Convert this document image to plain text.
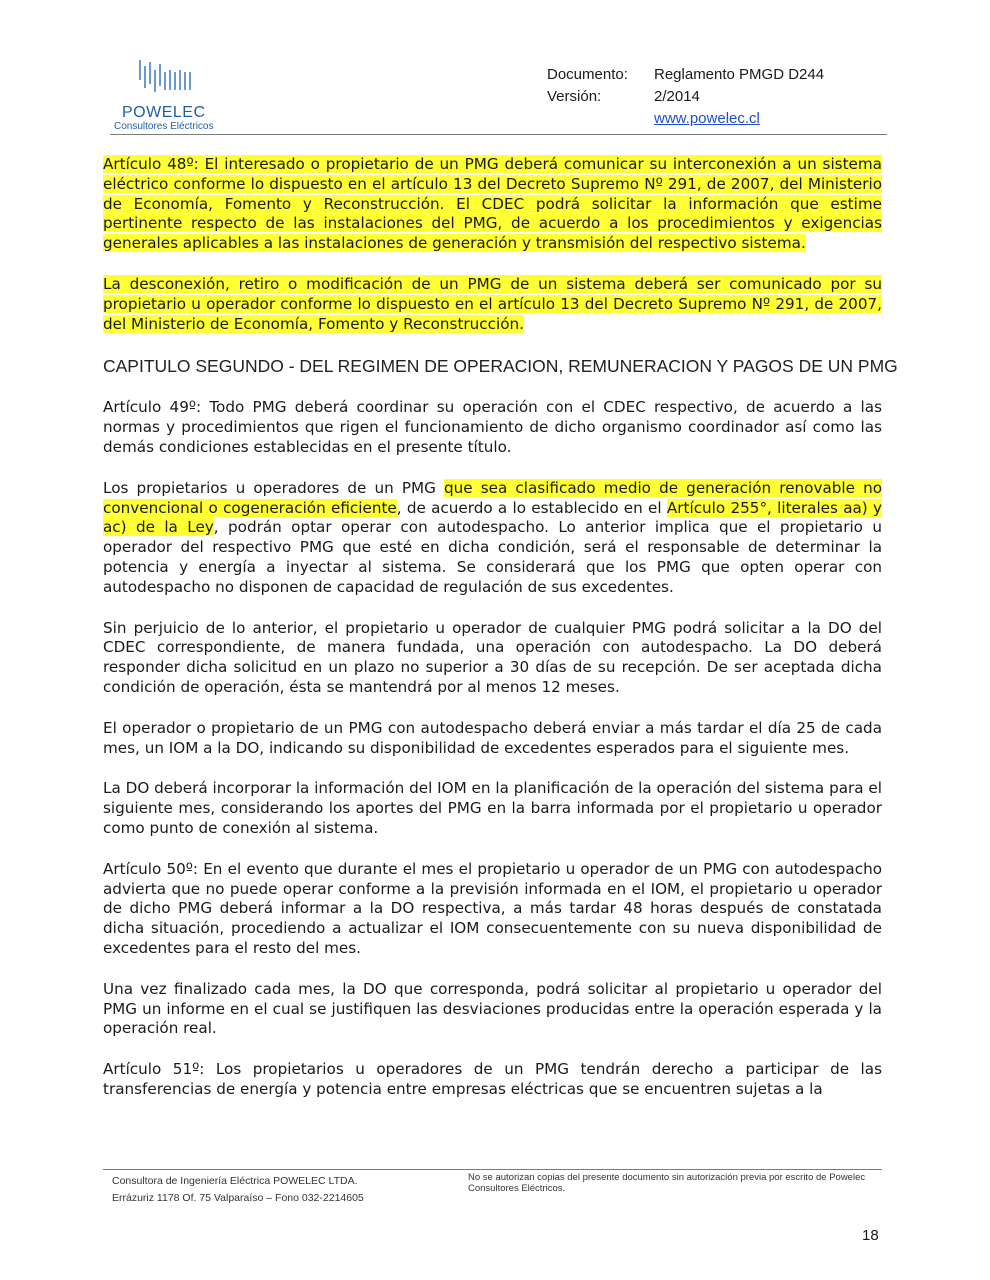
POWELEC
Consultores Eléctricos
Documento: Reglamento PMGD D244
Versión:	2/2014
www.powelec.cl

Artículo 48º: El interesado o propietario de un PMG deberá comunicar su interconexión a un sistema eléctrico conforme lo dispuesto en el artículo 13 del Decreto Supremo Nº 291, de 2007, del Ministerio de Economía, Fomento y Reconstrucción. El CDEC podrá solicitar la información que estime pertinente respecto de las instalaciones del PMG, de acuerdo a los procedimientos y exigencias generales aplicables a las instalaciones de generación y transmisión del respectivo sistema.

La desconexión, retiro o modificación de un PMG de un sistema deberá ser comunicado por su propietario u operador conforme lo dispuesto en el artículo 13 del Decreto Supremo Nº 291, de 2007, del Ministerio de Economía, Fomento y Reconstrucción.

CAPITULO SEGUNDO - DEL REGIMEN DE OPERACION, REMUNERACION Y PAGOS DE UN PMG

Artículo 49º: Todo PMG deberá coordinar su operación con el CDEC respectivo, de acuerdo a las normas y procedimientos que rigen el funcionamiento de dicho organismo coordinador así como las demás condiciones establecidas en el presente título.

Los propietarios u operadores de un PMG que sea clasificado medio de generación renovable no convencional o cogeneración eficiente, de acuerdo a lo establecido en el Artículo 255°, literales aa) y ac) de la Ley, podrán optar operar con autodespacho. Lo anterior implica que el propietario u operador del respectivo PMG que esté en dicha condición, será el responsable de determinar la potencia y energía a inyectar al sistema. Se considerará que los PMG que opten operar con autodespacho no disponen de capacidad de regulación de sus excedentes.

Sin perjuicio de lo anterior, el propietario u operador de cualquier PMG podrá solicitar a la DO del CDEC correspondiente, de manera fundada, una operación con autodespacho. La DO deberá responder dicha solicitud en un plazo no superior a 30 días de su recepción. De ser aceptada dicha condición de operación, ésta se mantendrá por al menos 12 meses.

El operador o propietario de un PMG con autodespacho deberá enviar a más tardar el día 25 de cada mes, un IOM a la DO, indicando su disponibilidad de excedentes esperados para el siguiente mes.

La DO deberá incorporar la información del IOM en la planificación de la operación del sistema para el siguiente mes, considerando los aportes del PMG en la barra informada por el propietario u operador como punto de conexión al sistema.

Artículo 50º: En el evento que durante el mes el propietario u operador de un PMG con autodespacho advierta que no puede operar conforme a la previsión informada en el IOM, el propietario u operador de dicho PMG deberá informar a la DO respectiva, a más tardar 48 horas después de constatada dicha situación, procediendo a actualizar el IOM consecuentemente con su nueva disponibilidad de excedentes para el resto del mes.

Una vez finalizado cada mes, la DO que corresponda, podrá solicitar al propietario u operador del PMG un informe en el cual se justifiquen las desviaciones producidas entre la operación esperada y la operación real.

Artículo 51º: Los propietarios u operadores de un PMG tendrán derecho a participar de las transferencias de energía y potencia entre empresas eléctricas que se encuentren sujetas a la

Consultora de Ingeniería Eléctrica POWELEC LTDA.
Errázuriz 1178 Of. 75 Valparaíso – Fono 032-2214605
No se autorizan copias del presente documento sin autorización previa por escrito de Powelec Consultores Eléctricos.
18
